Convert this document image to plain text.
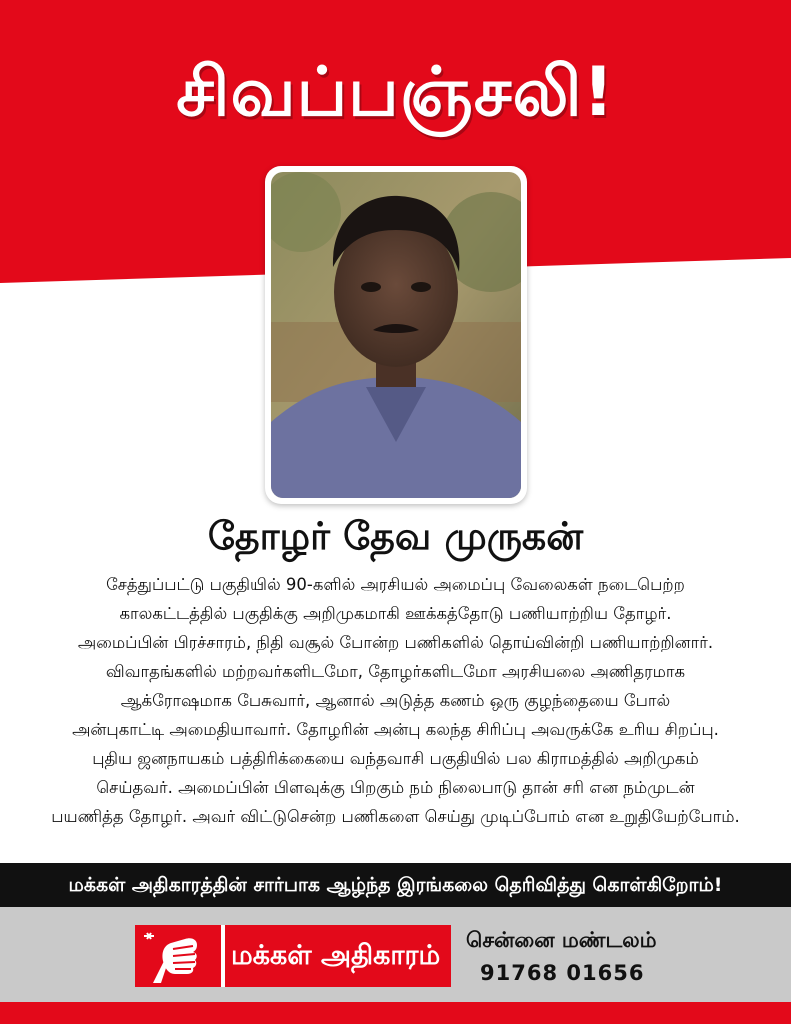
சிவப்பஞ்சலி!
தோழர் தேவ முருகன்
சேத்துப்பட்டு பகுதியில் 90-களில் அரசியல் அமைப்பு வேலைகள் நடைபெற்ற
காலகட்டத்தில் பகுதிக்கு அறிமுகமாகி ஊக்கத்தோடு பணியாற்றிய தோழர்.
அமைப்பின் பிரச்சாரம், நிதி வசூல் போன்ற பணிகளில் தொய்வின்றி பணியாற்றினார்.
விவாதங்களில் மற்றவர்களிடமோ, தோழர்களிடமோ அரசியலை அணிதரமாக
ஆக்ரோஷமாக பேசுவார், ஆனால் அடுத்த கணம் ஒரு குழந்தையை போல்
அன்புகாட்டி அமைதியாவார். தோழரின் அன்பு கலந்த சிரிப்பு அவருக்கே உரிய சிறப்பு.
புதிய ஜனநாயகம் பத்திரிக்கையை வந்தவாசி பகுதியில் பல கிராமத்தில் அறிமுகம்
செய்தவர். அமைப்பின் பிளவுக்கு பிறகும் நம் நிலைபாடு தான் சரி என நம்முடன்
பயணித்த தோழர். அவர் விட்டுசென்ற பணிகளை செய்து முடிப்போம் என உறுதியேற்போம்.
மக்கள் அதிகாரத்தின் சார்பாக ஆழ்ந்த இரங்கலை தெரிவித்து கொள்கிறோம்!
மக்கள் அதிகாரம்	சென்னை மண்டலம்
91768 01656
